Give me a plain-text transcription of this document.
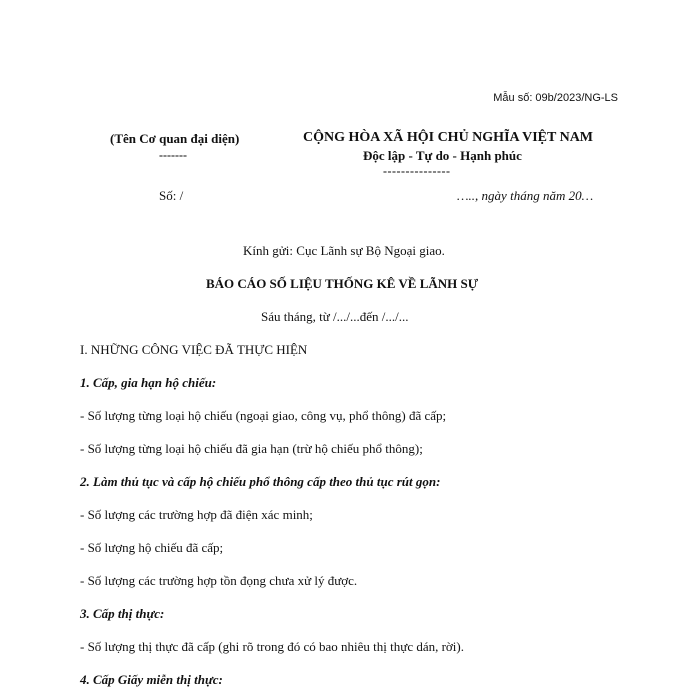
Mẫu số: 09b/2023/NG-LS
(Tên Cơ quan đại diện)
-------
CỘNG HÒA XÃ HỘI CHỦ NGHĨA VIỆT NAM
Độc lập - Tự do - Hạnh phúc
---------------
Số: /	….., ngày tháng năm 20…
Kính gửi: Cục Lãnh sự Bộ Ngoại giao.
BÁO CÁO SỐ LIỆU THỐNG KÊ VỀ LÃNH SỰ
Sáu tháng, từ /.../...đến /.../...
I. NHỮNG CÔNG VIỆC ĐÃ THỰC HIỆN
1. Cấp, gia hạn hộ chiếu:
- Số lượng từng loại hộ chiếu (ngoại giao, công vụ, phổ thông) đã cấp;
- Số lượng từng loại hộ chiếu đã gia hạn (trừ hộ chiếu phổ thông);
2. Làm thủ tục và cấp hộ chiếu phổ thông cấp theo thủ tục rút gọn:
- Số lượng các trường hợp đã điện xác minh;
- Số lượng hộ chiếu đã cấp;
- Số lượng các trường hợp tồn đọng chưa xử lý được.
3. Cấp thị thực:
- Số lượng thị thực đã cấp (ghi rõ trong đó có bao nhiêu thị thực dán, rời).
4. Cấp Giấy miễn thị thực:
